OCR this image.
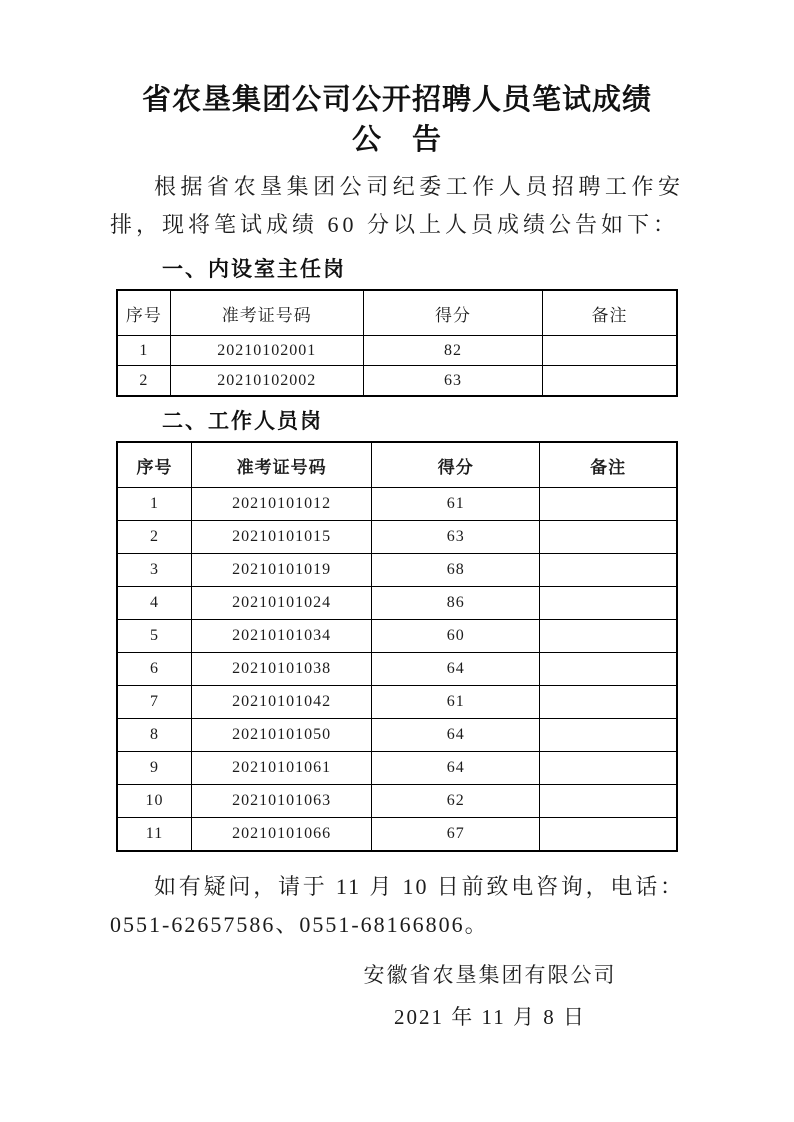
省农垦集团公司公开招聘人员笔试成绩
公　告

根据省农垦集团公司纪委工作人员招聘工作安排，现将笔试成绩 60 分以上人员成绩公告如下：

一、内设室主任岗
序号	准考证号码	得分	备注
1	20210102001	82	
2	20210102002	63	
二、工作人员岗
序号	准考证号码	得分	备注
1	20210101012	61	
2	20210101015	63	
3	20210101019	68	
4	20210101024	86	
5	20210101034	60	
6	20210101038	64	
7	20210101042	61	
8	20210101050	64	
9	20210101061	64	
10	20210101063	62	
11	20210101066	67	

如有疑问，请于 11 月 10 日前致电咨询，电话：0551-62657586、0551-68166806。

安徽省农垦集团有限公司
2021 年 11 月 8 日
